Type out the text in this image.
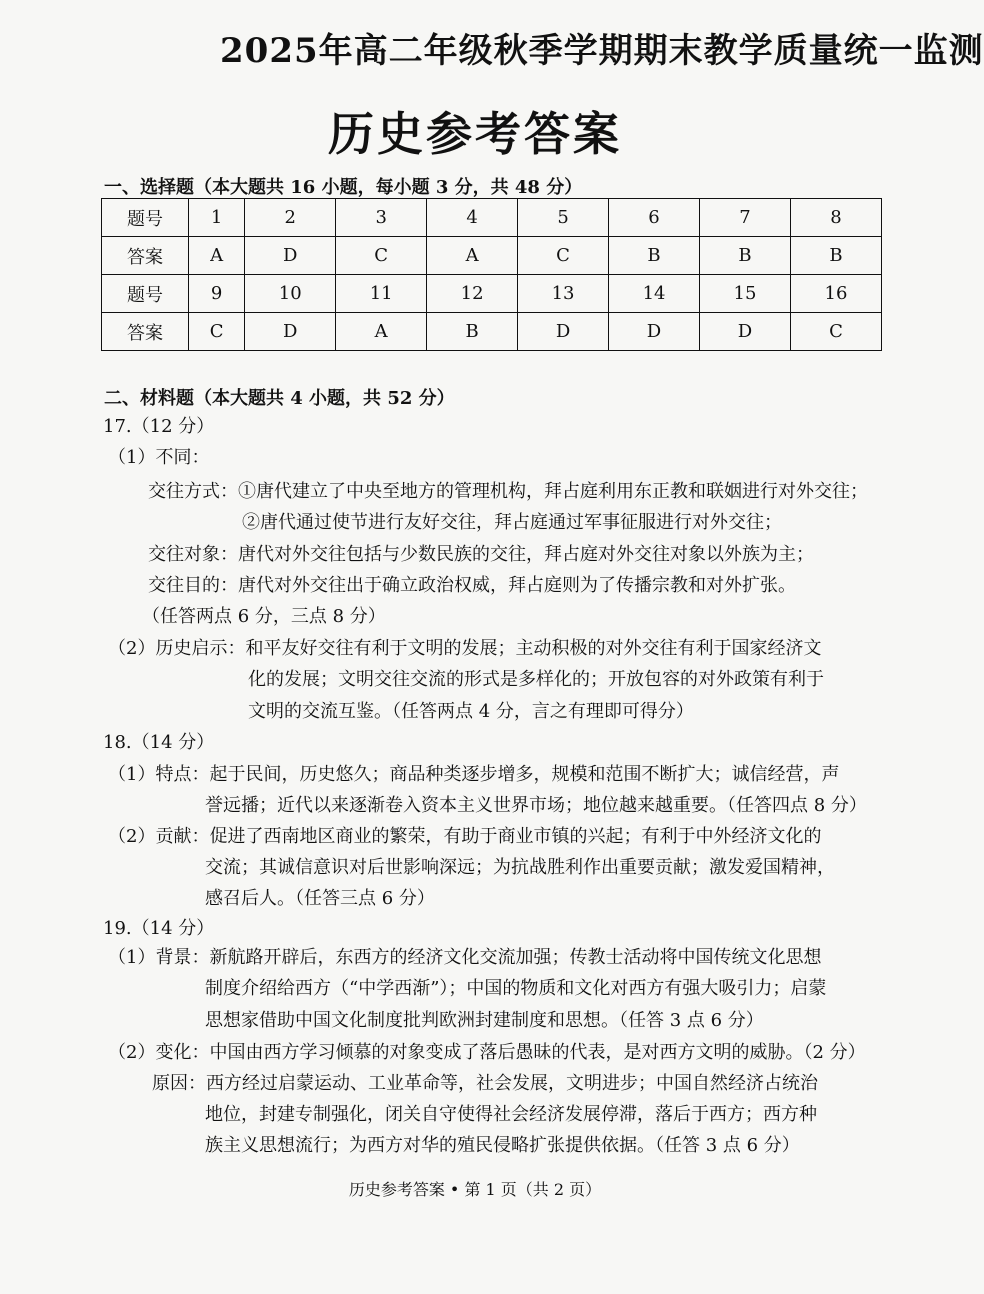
2025年高二年级秋季学期期末教学质量统一监测
历史参考答案
一、选择题（本大题共 16 小题，每小题 3 分，共 48 分）
题号	1	2	3	4	5	6	7	8
答案	A	D	C	A	C	B	B	B
题号	9	10	11	12	13	14	15	16
答案	C	D	A	B	D	D	D	C
二、材料题（本大题共 4 小题，共 52 分）
17.（12 分）
（1）不同：
交往方式：①唐代建立了中央至地方的管理机构，拜占庭利用东正教和联姻进行对外交往；
②唐代通过使节进行友好交往，拜占庭通过军事征服进行对外交往；
交往对象：唐代对外交往包括与少数民族的交往，拜占庭对外交往对象以外族为主；
交往目的：唐代对外交往出于确立政治权威，拜占庭则为了传播宗教和对外扩张。
（任答两点 6 分，三点 8 分）
（2）历史启示：和平友好交往有利于文明的发展；主动积极的对外交往有利于国家经济文
化的发展；文明交往交流的形式是多样化的；开放包容的对外政策有利于
文明的交流互鉴。（任答两点 4 分，言之有理即可得分）
18.（14 分）
（1）特点：起于民间，历史悠久；商品种类逐步增多，规模和范围不断扩大；诚信经营，声
誉远播；近代以来逐渐卷入资本主义世界市场；地位越来越重要。（任答四点 8 分）
（2）贡献：促进了西南地区商业的繁荣，有助于商业市镇的兴起；有利于中外经济文化的
交流；其诚信意识对后世影响深远；为抗战胜利作出重要贡献；激发爱国精神，
感召后人。（任答三点 6 分）
19.（14 分）
（1）背景：新航路开辟后，东西方的经济文化交流加强；传教士活动将中国传统文化思想
制度介绍给西方（“中学西渐”）；中国的物质和文化对西方有强大吸引力；启蒙
思想家借助中国文化制度批判欧洲封建制度和思想。（任答 3 点 6 分）
（2）变化：中国由西方学习倾慕的对象变成了落后愚昧的代表，是对西方文明的威胁。（2 分）
原因：西方经过启蒙运动、工业革命等，社会发展，文明进步；中国自然经济占统治
地位，封建专制强化，闭关自守使得社会经济发展停滞，落后于西方；西方种
族主义思想流行；为西方对华的殖民侵略扩张提供依据。（任答 3 点 6 分）
历史参考答案 • 第 1 页（共 2 页）
